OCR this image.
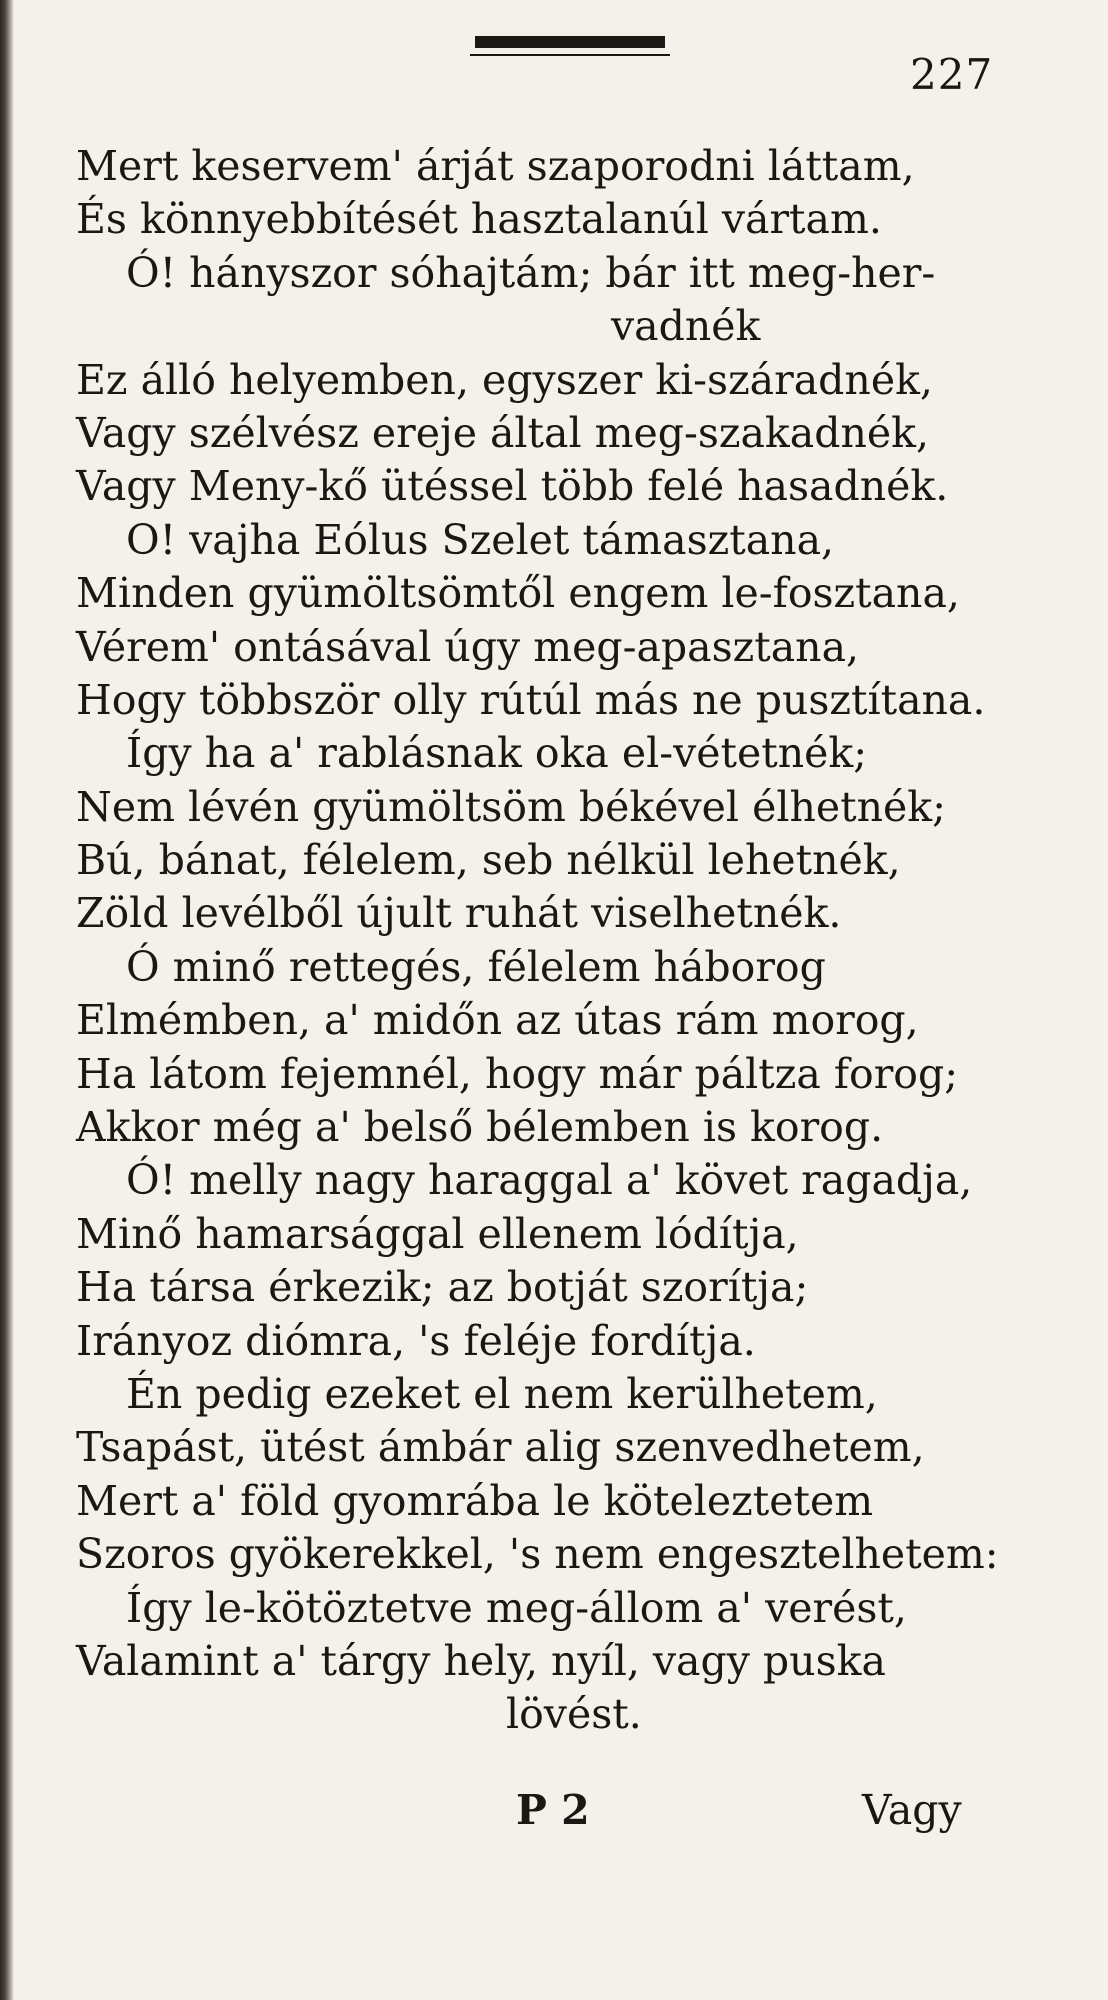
227
Mert keservem' árját szaporodni láttam,
És könnyebbítését hasztalanúl vártam.
Ó! hányszor sóhajtám; bár itt meg-her-
vadnék
Ez álló helyemben, egyszer ki-száradnék,
Vagy szélvész ereje által meg-szakadnék,
Vagy Meny-kő ütéssel több felé hasadnék.
O! vajha Eólus Szelet támasztana,
Minden gyümöltsömtől engem le-fosztana,
Vérem' ontásával úgy meg-apasztana,
Hogy többször olly rútúl más ne pusztítana.
Így ha a' rablásnak oka el-vétetnék;
Nem lévén gyümöltsöm békével élhetnék;
Bú, bánat, félelem, seb nélkül lehetnék,
Zöld levélből újult ruhát viselhetnék.
Ó minő rettegés, félelem háborog
Elmémben, a' midőn az útas rám morog,
Ha látom fejemnél, hogy már páltza forog;
Akkor még a' belső bélemben is korog.
Ó! melly nagy haraggal a' követ ragadja,
Minő hamarsággal ellenem lódítja,
Ha társa érkezik; az botját szorítja;
Irányoz diómra, 's feléje fordítja.
Én pedig ezeket el nem kerülhetem,
Tsapást, ütést ámbár alig szenvedhetem,
Mert a' föld gyomrába le köteleztetem
Szoros gyökerekkel, 's nem engesztelhetem:
Így le-kötöztetve meg-állom a' verést,
Valamint a' tárgy hely, nyíl, vagy puska
lövést.
P 2	Vagy
